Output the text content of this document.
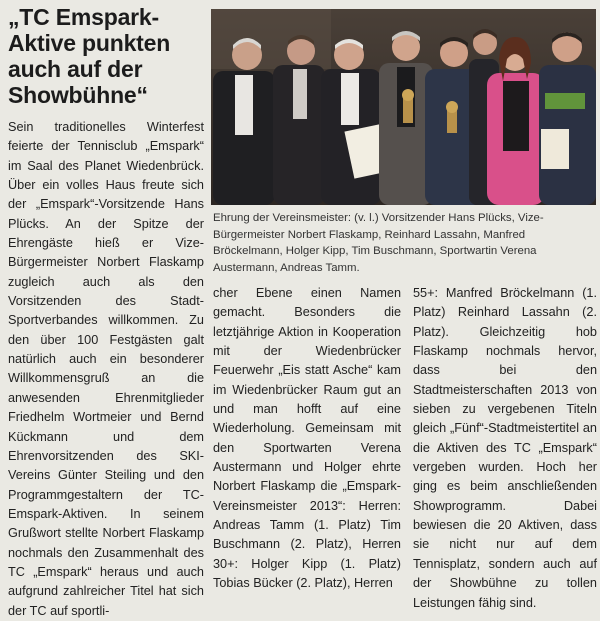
„TC Emspark-Aktive punkten auch auf der Showbühne“
Sein traditionelles Winterfest feierte der Tennisclub „Emspark“ im Saal des Planet Wiedenbrück. Über ein volles Haus freute sich der „Emspark“-Vorsitzende Hans Plücks. An der Spitze der Ehrengäste hieß er Vize-Bürgermeister Norbert Flaskamp zugleich auch als den Vorsitzenden des Stadt-Sportverbandes willkommen. Zu den über 100 Festgästen galt natürlich auch ein besonderer Willkommensgruß an die anwesenden Ehrenmitglieder Friedhelm Wortmeier und Bernd Kückmann und dem Ehrenvorsitzenden des SKI-Vereins Günter Steiling und den Programmgestaltern der TC-Emspark-Aktiven. In seinem Grußwort stellte Norbert Flaskamp nochmals den Zusammenhalt des TC „Emspark“ heraus und auch aufgrund zahlreicher Titel hat sich der TC auf sportli-
Ehrung der Vereinsmeister: (v. l.) Vorsitzender Hans Plücks, Vize-Bürgermeister Norbert Flaskamp, Reinhard Lassahn, Manfred Bröckelmann, Holger Kipp, Tim Buschmann, Sportwartin Verena Austermann, Andreas Tamm.
cher Ebene einen Namen gemacht. Besonders die letztjährige Aktion in Kooperation mit der Wiedenbrücker Feuerwehr „Eis statt Asche“ kam im Wiedenbrücker Raum gut an und man hofft auf eine Wiederholung. Gemeinsam mit den Sportwarten Verena Austermann und Holger ehrte Norbert Flaskamp die „Emspark-Vereinsmeister 2013“: Herren: Andreas Tamm (1. Platz) Tim Buschmann (2. Platz), Herren 30+: Holger Kipp (1. Platz) Tobias Bücker (2. Platz), Herren
55+: Manfred Bröckelmann (1. Platz) Reinhard Lassahn (2. Platz). Gleichzeitig hob Flaskamp nochmals hervor, dass bei den Stadtmeisterschaften 2013 von sieben zu vergebenen Titeln gleich „Fünf“-Stadtmeistertitel an die Aktiven des TC „Emspark“ vergeben wurden. Hoch her ging es beim anschließenden Showprogramm. Dabei bewiesen die 20 Aktiven, dass sie nicht nur auf dem Tennisplatz, sondern auch auf der Showbühne zu tollen Leistungen fähig sind.
